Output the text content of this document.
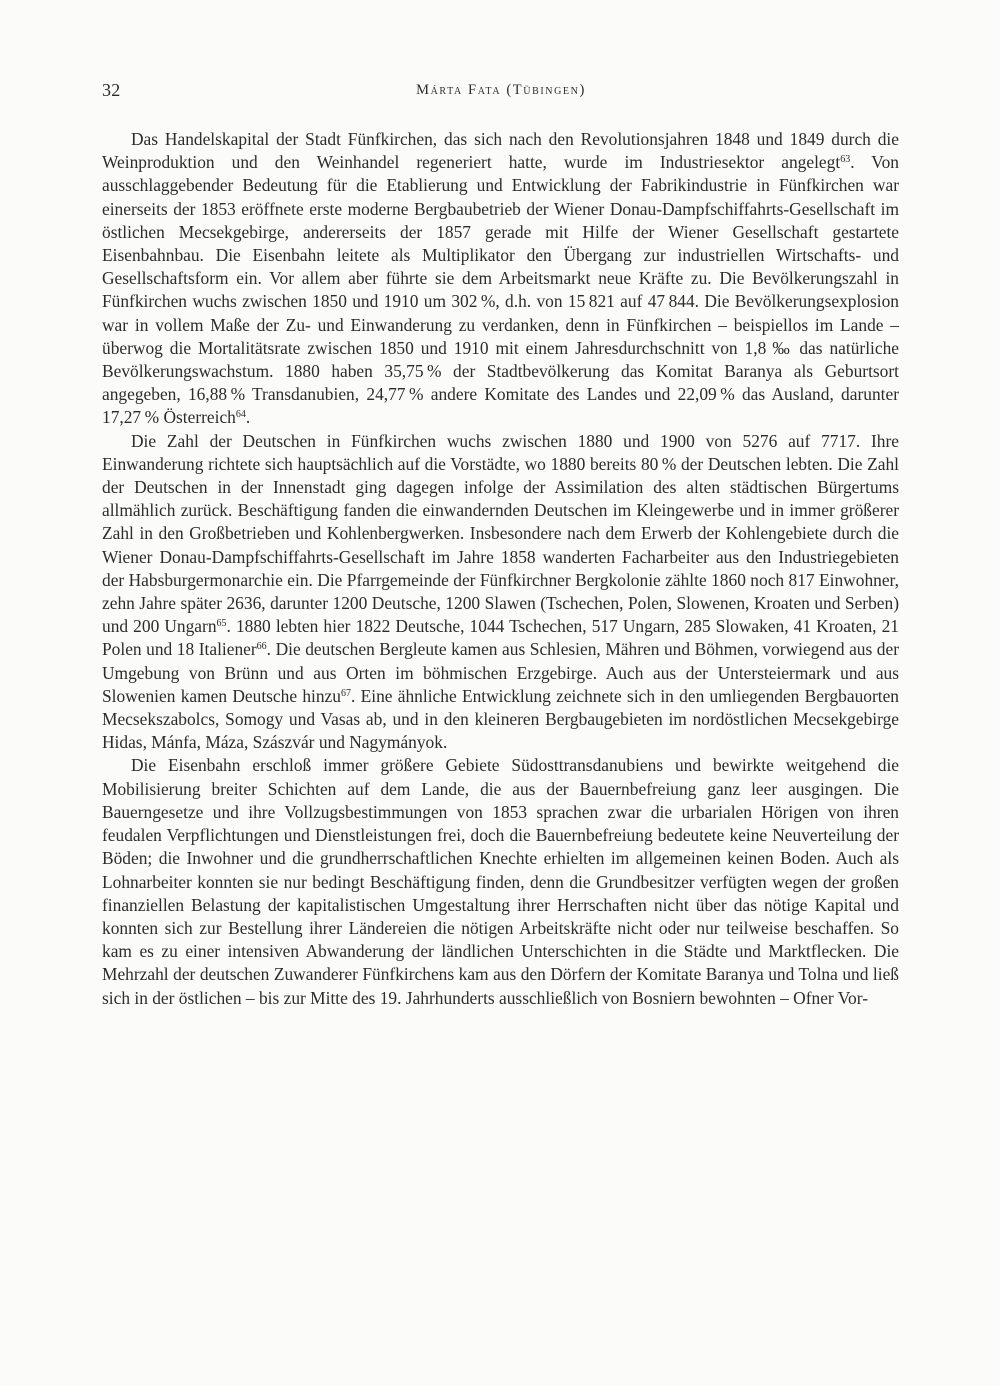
32	Márta Fata (Tübingen)

Das Handelskapital der Stadt Fünfkirchen, das sich nach den Revolutionsjahren 1848 und 1849 durch die Weinproduktion und den Weinhandel regeneriert hatte, wurde im Industriesektor angelegt$^{63}$. Von ausschlaggebender Bedeutung für die Etablierung und Entwicklung der Fabrikindustrie in Fünfkirchen war einerseits der 1853 eröffnete erste moderne Bergbaubetrieb der Wiener Donau-Dampfschiffahrts-Gesellschaft im östlichen Mecsekgebirge, andererseits der 1857 gerade mit Hilfe der Wiener Gesellschaft gestartete Eisenbahnbau. Die Eisenbahn leitete als Multiplikator den Übergang zur industriellen Wirtschafts- und Gesellschaftsform ein. Vor allem aber führte sie dem Arbeitsmarkt neue Kräfte zu. Die Bevölkerungszahl in Fünfkirchen wuchs zwischen 1850 und 1910 um 302 %, d.h. von 15 821 auf 47 844. Die Bevölkerungsexplosion war in vollem Maße der Zu- und Einwanderung zu verdanken, denn in Fünfkirchen – beispiellos im Lande – überwog die Mortalitätsrate zwischen 1850 und 1910 mit einem Jahresdurchschnitt von 1,8 ‰ das natürliche Bevölkerungswachstum. 1880 haben 35,75 % der Stadtbevölkerung das Komitat Baranya als Geburtsort angegeben, 16,88 % Transdanubien, 24,77 % andere Komitate des Landes und 22,09 % das Ausland, darunter 17,27 % Österreich$^{64}$.

Die Zahl der Deutschen in Fünfkirchen wuchs zwischen 1880 und 1900 von 5276 auf 7717. Ihre Einwanderung richtete sich hauptsächlich auf die Vorstädte, wo 1880 bereits 80 % der Deutschen lebten. Die Zahl der Deutschen in der Innenstadt ging dagegen infolge der Assimilation des alten städtischen Bürgertums allmählich zurück. Beschäftigung fanden die einwandernden Deutschen im Kleingewerbe und in immer größerer Zahl in den Großbetrieben und Kohlenbergwerken. Insbesondere nach dem Erwerb der Kohlengebiete durch die Wiener Donau-Dampfschiffahrts-Gesellschaft im Jahre 1858 wanderten Facharbeiter aus den Industriegebieten der Habsburgermonarchie ein. Die Pfarrgemeinde der Fünfkirchner Bergkolonie zählte 1860 noch 817 Einwohner, zehn Jahre später 2636, darunter 1200 Deutsche, 1200 Slawen (Tschechen, Polen, Slowenen, Kroaten und Serben) und 200 Ungarn$^{65}$. 1880 lebten hier 1822 Deutsche, 1044 Tschechen, 517 Ungarn, 285 Slowaken, 41 Kroaten, 21 Polen und 18 Italiener$^{66}$. Die deutschen Bergleute kamen aus Schlesien, Mähren und Böhmen, vorwiegend aus der Umgebung von Brünn und aus Orten im böhmischen Erzgebirge. Auch aus der Untersteiermark und aus Slowenien kamen Deutsche hinzu$^{67}$. Eine ähnliche Entwicklung zeichnete sich in den umliegenden Bergbauorten Mecsekszabolcs, Somogy und Vasas ab, und in den kleineren Bergbaugebieten im nordöstlichen Mecsekgebirge Hidas, Mánfa, Máza, Szászvár und Nagymányok.

Die Eisenbahn erschloß immer größere Gebiete Südosttransdanubiens und bewirkte weitgehend die Mobilisierung breiter Schichten auf dem Lande, die aus der Bauernbefreiung ganz leer ausgingen. Die Bauerngesetze und ihre Vollzugsbestimmungen von 1853 sprachen zwar die urbarialen Hörigen von ihren feudalen Verpflichtungen und Dienstleistungen frei, doch die Bauernbefreiung bedeutete keine Neuverteilung der Böden; die Inwohner und die grundherrschaftlichen Knechte erhielten im allgemeinen keinen Boden. Auch als Lohnarbeiter konnten sie nur bedingt Beschäftigung finden, denn die Grundbesitzer verfügten wegen der großen finanziellen Belastung der kapitalistischen Umgestaltung ihrer Herrschaften nicht über das nötige Kapital und konnten sich zur Bestellung ihrer Ländereien die nötigen Arbeitskräfte nicht oder nur teilweise beschaffen. So kam es zu einer intensiven Abwanderung der ländlichen Unterschichten in die Städte und Marktflecken. Die Mehrzahl der deutschen Zuwanderer Fünfkirchens kam aus den Dörfern der Komitate Baranya und Tolna und ließ sich in der östlichen – bis zur Mitte des 19. Jahrhunderts ausschließlich von Bosniern bewohnten – Ofner Vor-
